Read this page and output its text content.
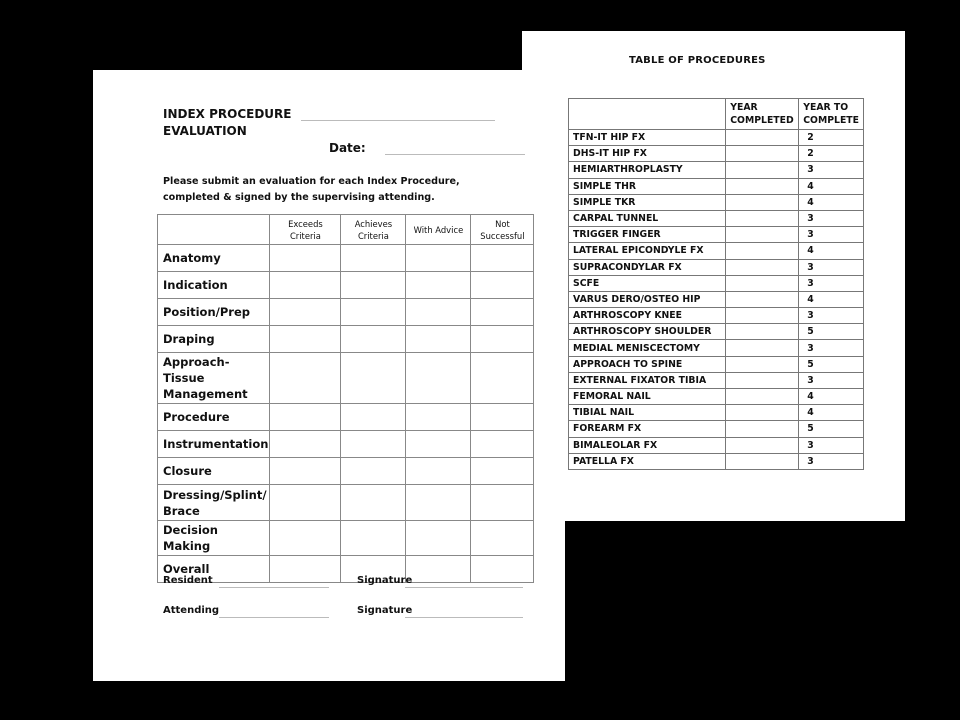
TABLE OF PROCEDURES
	YEAR COMPLETED	YEAR TO COMPLETE
TFN-IT HIP FX		2
DHS-IT HIP FX		2
HEMIARTHROPLASTY		3
SIMPLE THR		4
SIMPLE TKR		4
CARPAL TUNNEL		3
TRIGGER FINGER		3
LATERAL EPICONDYLE FX		4
SUPRACONDYLAR FX		3
SCFE		3
VARUS DERO/OSTEO HIP		4
ARTHROSCOPY KNEE		3
ARTHROSCOPY SHOULDER		5
MEDIAL MENISCECTOMY		3
APPROACH TO SPINE		5
EXTERNAL FIXATOR TIBIA		3
FEMORAL NAIL		4
TIBIAL NAIL		4
FOREARM FX		5
BIMALEOLAR FX		3
PATELLA FX		3
INDEX PROCEDURE
EVALUATION
Date:
Please submit an evaluation for each Index Procedure, completed & signed by the supervising attending.
	Exceeds Criteria	Achieves Criteria	With Advice	Not Successful
Anatomy				
Indication				
Position/Prep				
Draping				
Approach-Tissue Management				
Procedure				
Instrumentation				
Closure				
Dressing/Splint/ Brace				
Decision Making				
Overall				
Resident	Signature
Attending	Signature
